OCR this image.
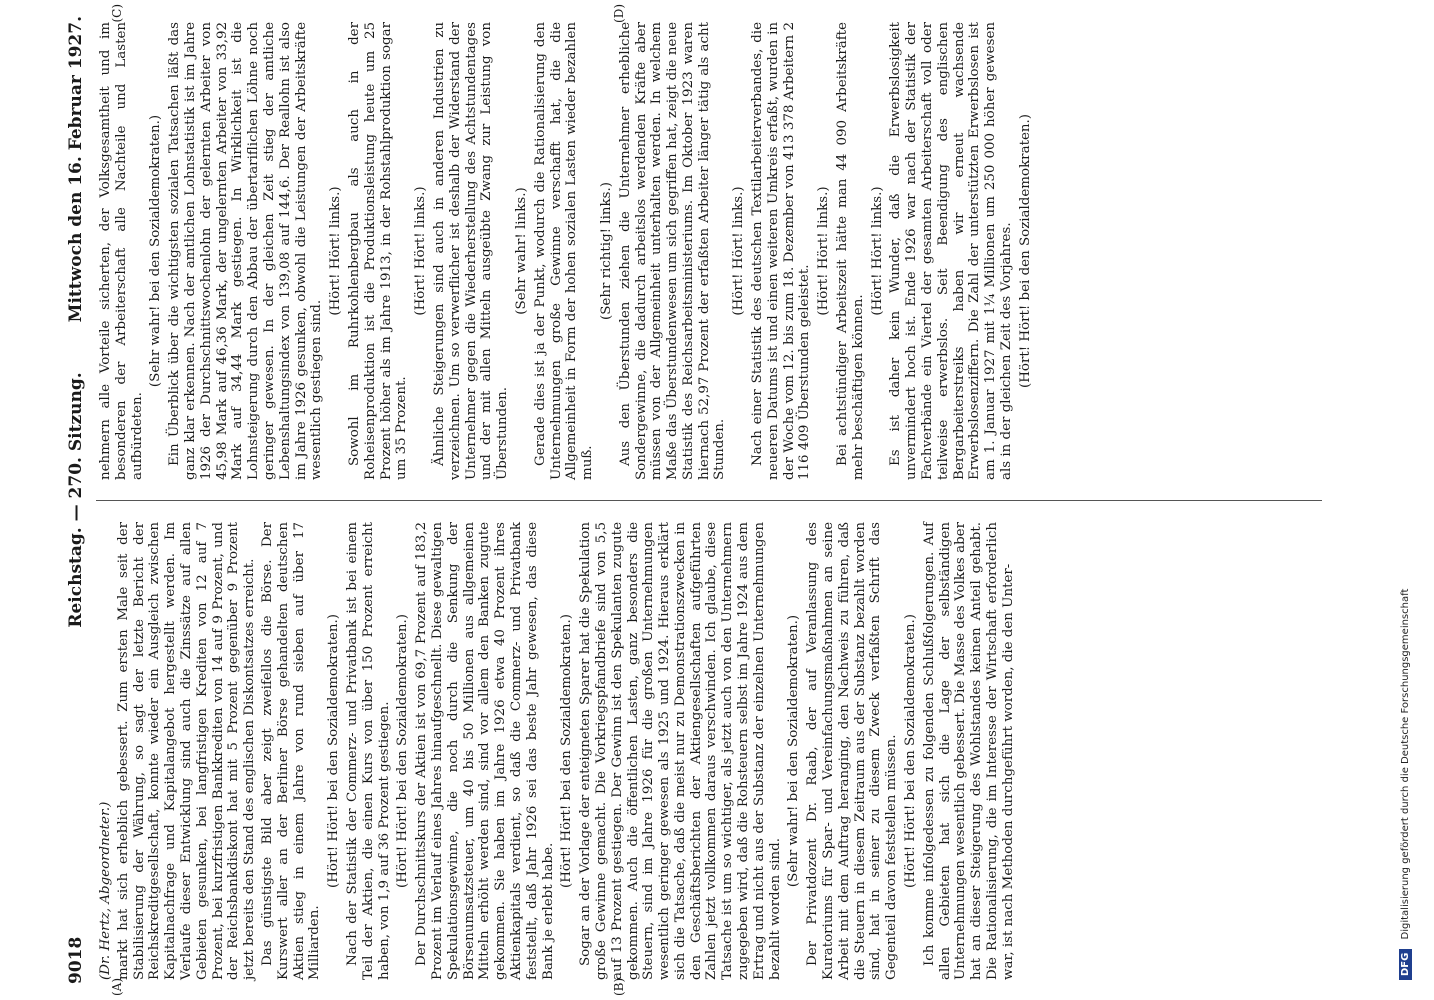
9018
Reichstag. — 270. Sitzung.
Mittwoch den 16. Februar 1927.
(A)	(B)
(C)	(D)

(Dr. Hertz, Abgeordneter.) markt hat sich erheblich gebessert. Zum ersten Male seit der Stabilisierung der Währung, so sagt der letzte Bericht der Reichskreditgesellschaft, konnte wieder ein Ausgleich zwischen Kapitalnachfrage und Kapitalangebot hergestellt werden. Im Verlaufe dieser Entwicklung sind auch die Zinssätze auf allen Gebieten gesunken, bei langfristigen Krediten von 12 auf 7 Prozent, bei kurzfristigen Bankkrediten von 14 auf 9 Prozent, und der Reichsbankdiskont hat mit 5 Prozent gegenüber 9 Prozent jetzt bereits den Stand des englischen Diskontsatzes erreicht. Das günstigste Bild aber zeigt zweifellos die Börse. Der Kurswert aller an der Berliner Börse gehandelten deutschen Aktien stieg in einem Jahre von rund sieben auf über 17 Milliarden.

(Hört! Hört! bei den Sozialdemokraten.) Nach der Statistik der Commerz- und Privatbank ist bei einem Teil der Aktien, die einen Kurs von über 150 Prozent erreicht haben, von 1,9 auf 36 Prozent gestiegen. (Hört! Hört! bei den Sozialdemokraten.) Der Durchschnittskurs der Aktien ist von 69,7 Prozent auf 183,2 Prozent im Verlauf eines Jahres hinaufgeschnellt. Diese gewaltigen Spekulationsgewinne, die noch durch die Senkung der Börsenumsatzsteuer, um 40 bis 50 Millionen aus allgemeinen Mitteln erhöht werden sind, sind vor allem den Banken zugute gekommen. Sie haben im Jahre 1926 etwa 40 Prozent ihres Aktienkapitals verdient, so daß die Commerz- und Privatbank feststellt, daß Jahr 1926 sei das beste Jahr gewesen, das diese Bank je erlebt habe.

(Hört! Hört! bei den Sozialdemokraten.) Sogar an der Vorlage der enteigneten Sparer hat die Spekulation große Gewinne gemacht. Die Vorkriegspfandbriefe sind von 5,5 auf 13 Prozent gestiegen. Der Gewinn ist den Spekulanten zugute gekommen. Auch die öffentlichen Lasten, ganz besonders die Steuern, sind im Jahre 1926 für die großen Unternehmungen wesentlich geringer gewesen als 1925 und 1924. Hieraus erklärt sich die Tatsache, daß die meist nur zu Demonstrationszwecken in den Geschäftsberichten der Aktiengesellschaften aufgeführten Zahlen jetzt vollkommen daraus verschwinden. Ich glaube, diese Tatsache ist um so wichtiger, als jetzt auch von den Unternehmern zugegeben wird, daß die Rohsteuern selbst im Jahre 1924 aus dem Ertrag und nicht aus der Substanz der einzelnen Unternehmungen bezahlt worden sind.

(Sehr wahr! bei den Sozialdemokraten.) Der Privatdozent Dr. Raab, der auf Veranlassung des Kuratoriums für Spar- und Vereinfachungsmaßnahmen an seine Arbeit mit dem Auftrag heranging, den Nachweis zu führen, daß die Steuern in diesem Zeitraum aus der Substanz bezahlt worden sind, hat in seiner zu diesem Zweck verfaßten Schrift das Gegenteil davon feststellen müssen. (Hört! Hört! bei den Sozialdemokraten.) Ich komme infolgedessen zu folgenden Schlußfolgerungen. Auf allen Gebieten hat sich die Lage der selbständigen Unternehmungen wesentlich gebessert. Die Masse des Volkes aber hat an dieser Steigerung des Wohlstandes keinen Anteil gehabt. Die Rationalisierung, die im Interesse der Wirtschaft erforderlich war, ist nach Methoden durchgeführt worden, die den Unter-

nehmern alle Vorteile sicherten, der Volksgesamtheit und im besonderen der Arbeiterschaft alle Nachteile und Lasten aufbürdeten.

(Sehr wahr! bei den Sozialdemokraten.) Ein Überblick über die wichtigsten sozialen Tatsachen läßt das ganz klar erkennen. Nach der amtlichen Lohnstatistik ist im Jahre 1926 der Durchschnittswochenlohn der gelernten Arbeiter von 45,98 Mark auf 46,36 Mark, der ungelernten Arbeiter von 33,92 Mark auf 34,44 Mark gestiegen. In Wirklichkeit ist die Lohnsteigerung durch den Abbau der übertariflichen Löhne noch geringer gewesen. In der gleichen Zeit stieg der amtliche Lebenshaltungsindex von 139,08 auf 144,6. Der Reallohn ist also im Jahre 1926 gesunken, obwohl die Leistungen der Arbeitskräfte wesentlich gestiegen sind.

(Hört! Hört! links.) Sowohl im Ruhrkohlenbergbau als auch in der Roheisenproduktion ist die Produktionsleistung heute um 25 Prozent höher als im Jahre 1913, in der Rohstahlproduktion sogar um 35 Prozent.

(Hört! Hört! links.) Ähnliche Steigerungen sind auch in anderen Industrien zu verzeichnen. Um so verwerflicher ist deshalb der Widerstand der Unternehmer gegen die Wiederherstellung des Achtstundentages und der mit allen Mitteln ausgeübte Zwang zur Leistung von Überstunden.

(Sehr wahr! links.) Gerade dies ist ja der Punkt, wodurch die Rationalisierung den Unternehmungen große Gewinne verschafft hat, die die Allgemeinheit in Form der hohen sozialen Lasten wieder bezahlen muß.

(Sehr richtig! links.) Aus den Überstunden ziehen die Unternehmer erhebliche Sondergewinne, die dadurch arbeitslos werdenden Kräfte aber müssen von der Allgemeinheit unterhalten werden. In welchem Maße das Überstundenwesen um sich gegriffen hat, zeigt die neue Statistik des Reichsarbeitsministeriums. Im Oktober 1923 waren hiernach 52,97 Prozent der erfaßten Arbeiter länger tätig als acht Stunden.

(Hört! Hört! links.) Nach einer Statistik des deutschen Textilarbeiterverbandes, die neueren Datums ist und einen weiteren Umkreis erfaßt, wurden in der Woche vom 12. bis zum 18. Dezember von 413 378 Arbeitern 2 116 409 Überstunden geleistet.

(Hört! Hört! links.) Bei achtstündiger Arbeitszeit hätte man 44 090 Arbeitskräfte mehr beschäftigen können.

(Hört! Hört! links.) Es ist daher kein Wunder, daß die Erwerbslosigkeit unvermindert hoch ist. Ende 1926 war nach der Statistik der Fachverbände ein Viertel der gesamten Arbeiterschaft voll oder teilweise erwerbslos. Seit Beendigung des englischen Bergarbeiterstreiks haben wir erneut wachsende Erwerbslosenziffern. Die Zahl der unterstützten Erwerbslosen ist am 1. Januar 1927 mit 1¼ Millionen um 250 000 höher gewesen als in der gleichen Zeit des Vorjahres. (Hört! Hört! bei den Sozialdemokraten.)

DFG Digitalisierung gefördert durch die Deutsche Forschungsgemeinschaft
